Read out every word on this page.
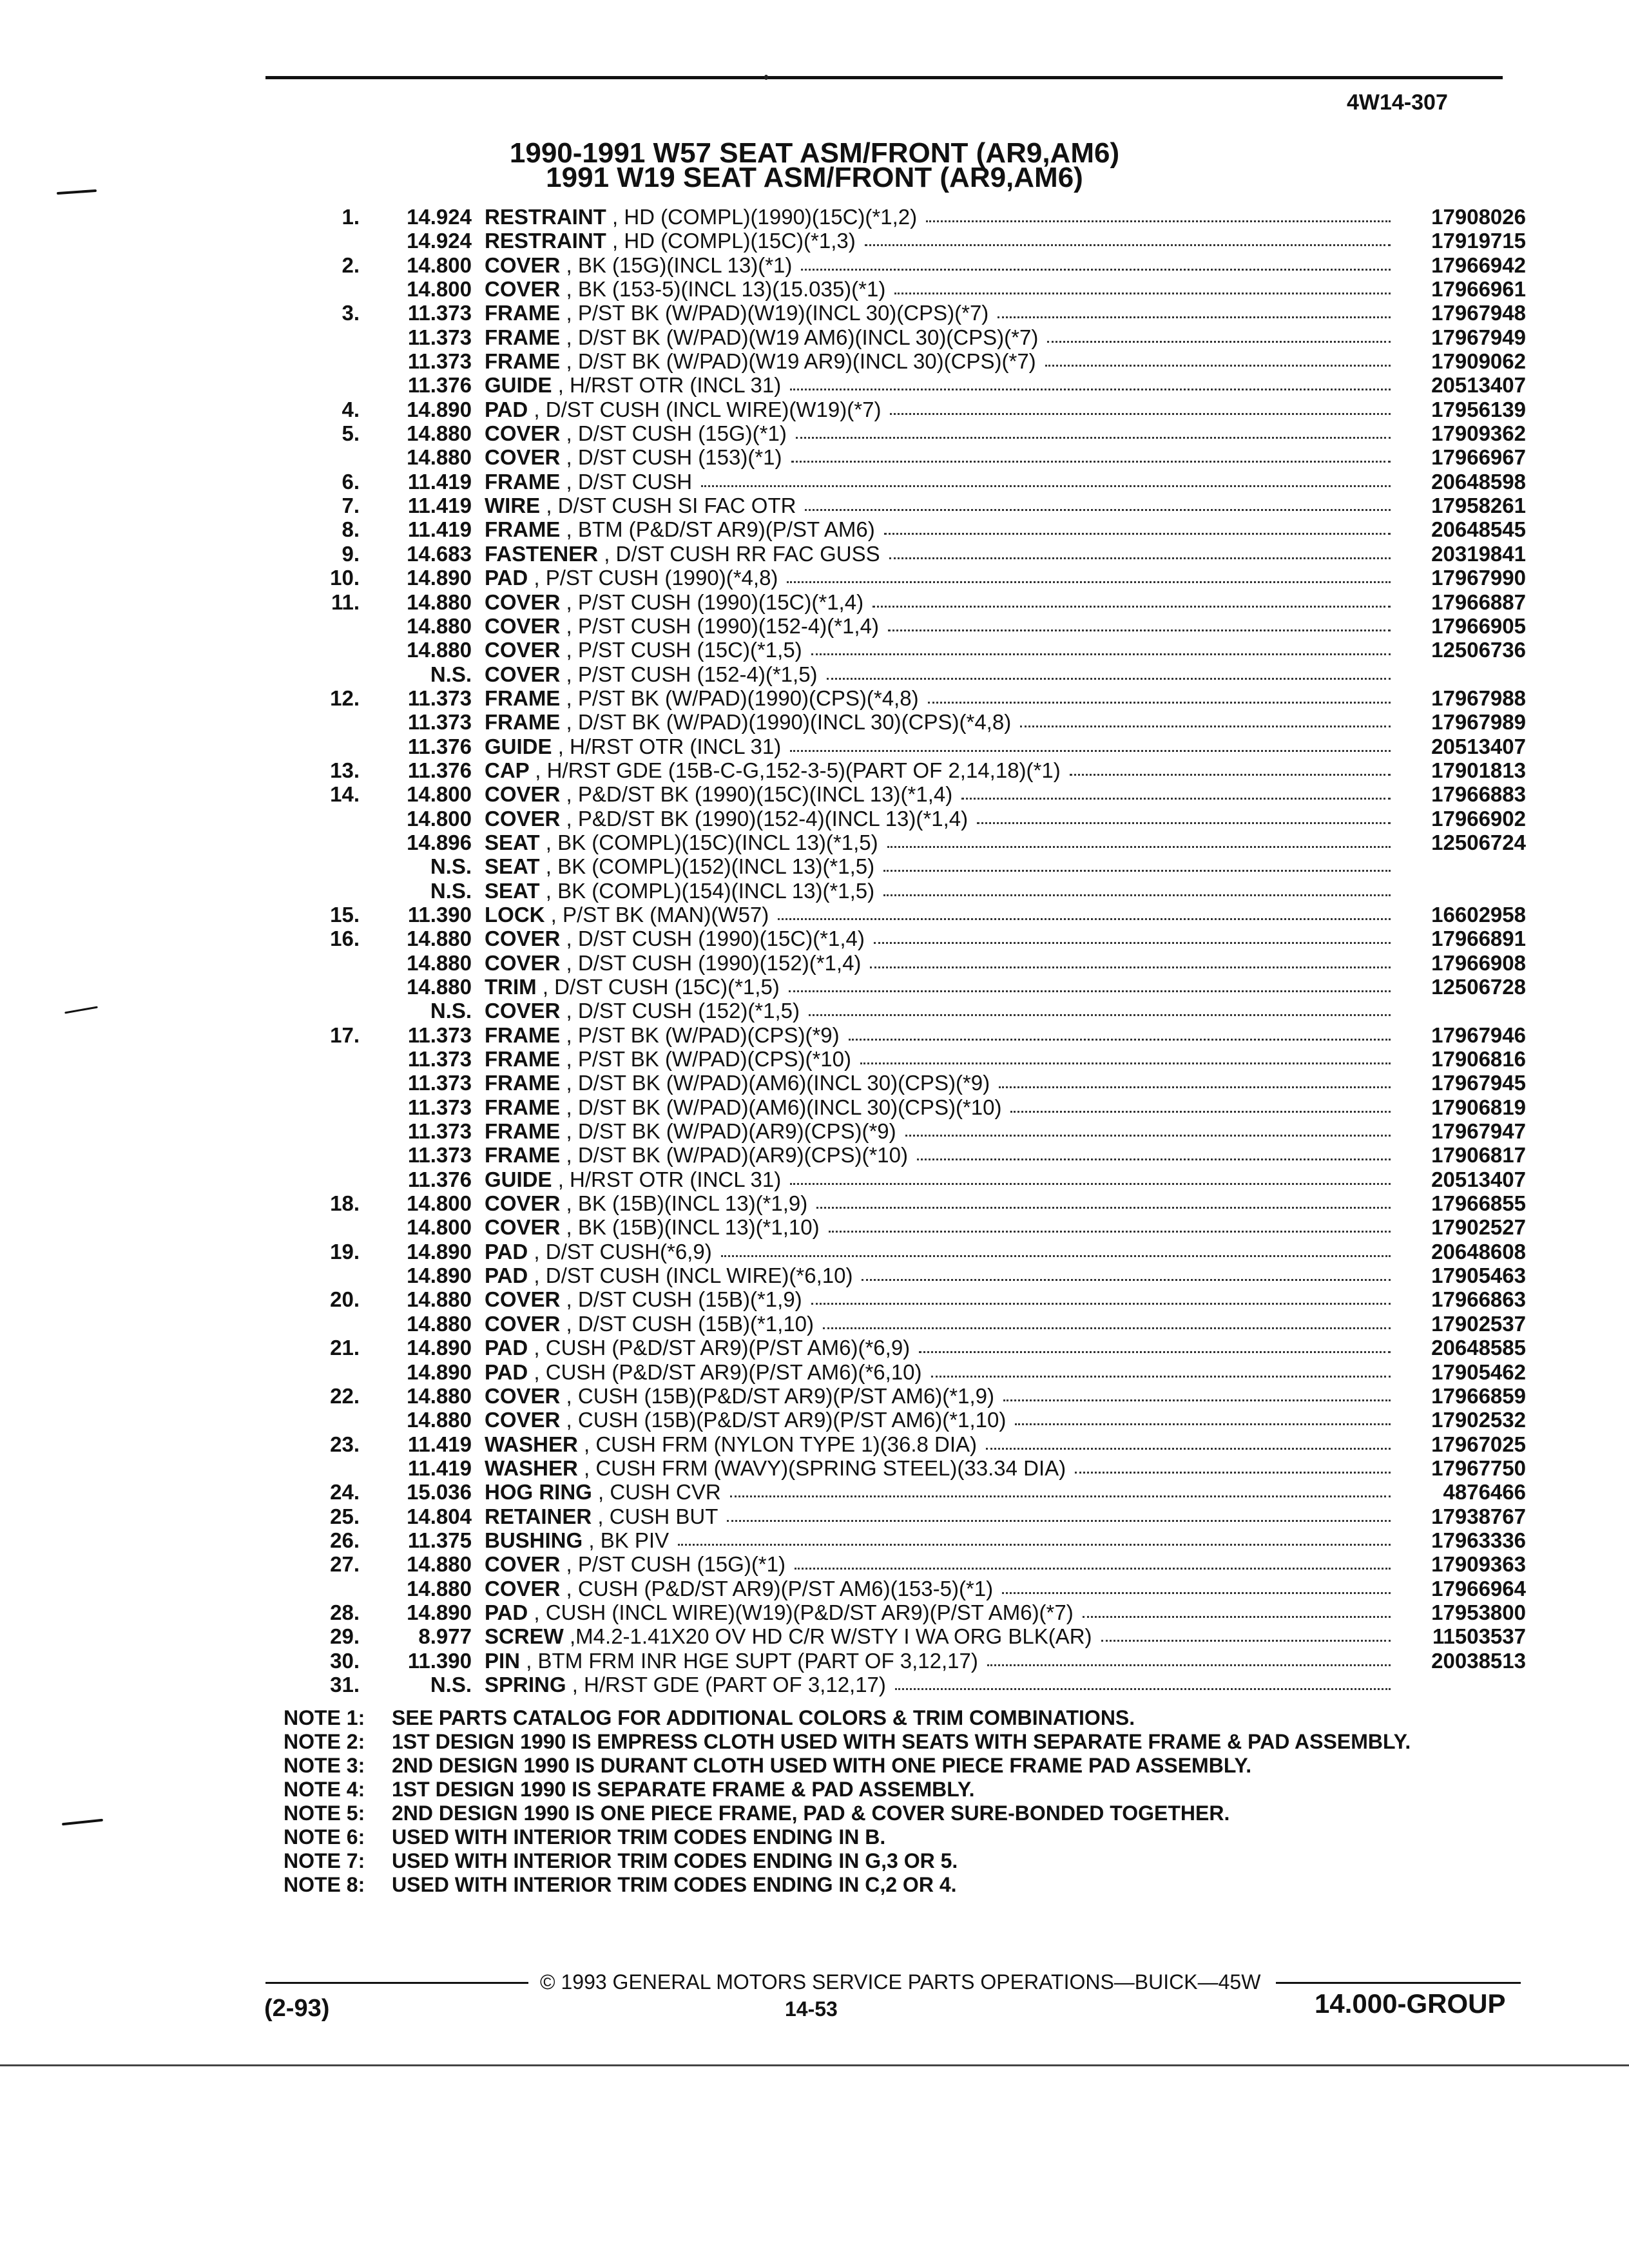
4W14-307
1990-1991 W57 SEAT ASM/FRONT (AR9,AM6)
1991 W19 SEAT ASM/FRONT (AR9,AM6)
1.	14.924 RESTRAINT , HD (COMPL)(1990)(15C)(*1,2)	17908026
14.924 RESTRAINT , HD (COMPL)(15C)(*1,3)	17919715
2.	14.800 COVER , BK (15G)(INCL 13)(*1)	17966942
14.800 COVER , BK (153-5)(INCL 13)(15.035)(*1)	17966961
3.	11.373 FRAME , P/ST BK (W/PAD)(W19)(INCL 30)(CPS)(*7)	17967948
11.373 FRAME , D/ST BK (W/PAD)(W19 AM6)(INCL 30)(CPS)(*7)	17967949
11.373 FRAME , D/ST BK (W/PAD)(W19 AR9)(INCL 30)(CPS)(*7)	17909062
11.376 GUIDE , H/RST OTR (INCL 31)	20513407
4.	14.890 PAD , D/ST CUSH (INCL WIRE)(W19)(*7)	17956139
5.	14.880 COVER , D/ST CUSH (15G)(*1)	17909362
14.880 COVER , D/ST CUSH (153)(*1)	17966967
6.	11.419 FRAME , D/ST CUSH	20648598
7.	11.419 WIRE , D/ST CUSH SI FAC OTR	17958261
8.	11.419 FRAME , BTM (P&D/ST AR9)(P/ST AM6)	20648545
9.	14.683 FASTENER , D/ST CUSH RR FAC GUSS	20319841
10.	14.890 PAD , P/ST CUSH (1990)(*4,8)	17967990
11.	14.880 COVER , P/ST CUSH (1990)(15C)(*1,4)	17966887
14.880 COVER , P/ST CUSH (1990)(152-4)(*1,4)	17966905
14.880 COVER , P/ST CUSH (15C)(*1,5)	12506736
N.S. COVER , P/ST CUSH (152-4)(*1,5)
12.	11.373 FRAME , P/ST BK (W/PAD)(1990)(CPS)(*4,8)	17967988
11.373 FRAME , D/ST BK (W/PAD)(1990)(INCL 30)(CPS)(*4,8)	17967989
11.376 GUIDE , H/RST OTR (INCL 31)	20513407
13.	11.376 CAP , H/RST GDE (15B-C-G,152-3-5)(PART OF 2,14,18)(*1)	17901813
14.	14.800 COVER , P&D/ST BK (1990)(15C)(INCL 13)(*1,4)	17966883
14.800 COVER , P&D/ST BK (1990)(152-4)(INCL 13)(*1,4)	17966902
14.896 SEAT , BK (COMPL)(15C)(INCL 13)(*1,5)	12506724
N.S. SEAT , BK (COMPL)(152)(INCL 13)(*1,5)
N.S. SEAT , BK (COMPL)(154)(INCL 13)(*1,5)
15.	11.390 LOCK , P/ST BK (MAN)(W57)	16602958
16.	14.880 COVER , D/ST CUSH (1990)(15C)(*1,4)	17966891
14.880 COVER , D/ST CUSH (1990)(152)(*1,4)	17966908
14.880 TRIM , D/ST CUSH (15C)(*1,5)	12506728
N.S. COVER , D/ST CUSH (152)(*1,5)
17.	11.373 FRAME , P/ST BK (W/PAD)(CPS)(*9)	17967946
11.373 FRAME , P/ST BK (W/PAD)(CPS)(*10)	17906816
11.373 FRAME , D/ST BK (W/PAD)(AM6)(INCL 30)(CPS)(*9)	17967945
11.373 FRAME , D/ST BK (W/PAD)(AM6)(INCL 30)(CPS)(*10)	17906819
11.373 FRAME , D/ST BK (W/PAD)(AR9)(CPS)(*9)	17967947
11.373 FRAME , D/ST BK (W/PAD)(AR9)(CPS)(*10)	17906817
11.376 GUIDE , H/RST OTR (INCL 31)	20513407
18.	14.800 COVER , BK (15B)(INCL 13)(*1,9)	17966855
14.800 COVER , BK (15B)(INCL 13)(*1,10)	17902527
19.	14.890 PAD , D/ST CUSH(*6,9)	20648608
14.890 PAD , D/ST CUSH (INCL WIRE)(*6,10)	17905463
20.	14.880 COVER , D/ST CUSH (15B)(*1,9)	17966863
14.880 COVER , D/ST CUSH (15B)(*1,10)	17902537
21.	14.890 PAD , CUSH (P&D/ST AR9)(P/ST AM6)(*6,9)	20648585
14.890 PAD , CUSH (P&D/ST AR9)(P/ST AM6)(*6,10)	17905462
22.	14.880 COVER , CUSH (15B)(P&D/ST AR9)(P/ST AM6)(*1,9)	17966859
14.880 COVER , CUSH (15B)(P&D/ST AR9)(P/ST AM6)(*1,10)	17902532
23.	11.419 WASHER , CUSH FRM (NYLON TYPE 1)(36.8 DIA)	17967025
11.419 WASHER , CUSH FRM (WAVY)(SPRING STEEL)(33.34 DIA)	17967750
24.	15.036 HOG RING , CUSH CVR	4876466
25.	14.804 RETAINER , CUSH BUT	17938767
26.	11.375 BUSHING , BK PIV	17963336
27.	14.880 COVER , P/ST CUSH (15G)(*1)	17909363
14.880 COVER , CUSH (P&D/ST AR9)(P/ST AM6)(153-5)(*1)	17966964
28.	14.890 PAD , CUSH (INCL WIRE)(W19)(P&D/ST AR9)(P/ST AM6)(*7)	17953800
29.	8.977 SCREW ,M4.2-1.41X20 OV HD C/R W/STY I WA ORG BLK(AR)	11503537
30.	11.390 PIN , BTM FRM INR HGE SUPT (PART OF 3,12,17)	20038513
31.	N.S. SPRING , H/RST GDE (PART OF 3,12,17)
NOTE 1: SEE PARTS CATALOG FOR ADDITIONAL COLORS & TRIM COMBINATIONS.
NOTE 2: 1ST DESIGN 1990 IS EMPRESS CLOTH USED WITH SEATS WITH SEPARATE FRAME & PAD ASSEMBLY.
NOTE 3: 2ND DESIGN 1990 IS DURANT CLOTH USED WITH ONE PIECE FRAME PAD ASSEMBLY.
NOTE 4: 1ST DESIGN 1990 IS SEPARATE FRAME & PAD ASSEMBLY.
NOTE 5: 2ND DESIGN 1990 IS ONE PIECE FRAME, PAD & COVER SURE-BONDED TOGETHER.
NOTE 6: USED WITH INTERIOR TRIM CODES ENDING IN B.
NOTE 7: USED WITH INTERIOR TRIM CODES ENDING IN G,3 OR 5.
NOTE 8: USED WITH INTERIOR TRIM CODES ENDING IN C,2 OR 4.
© 1993 GENERAL MOTORS SERVICE PARTS OPERATIONS—BUICK—45W
(2-93)	14-53	14.000-GROUP
